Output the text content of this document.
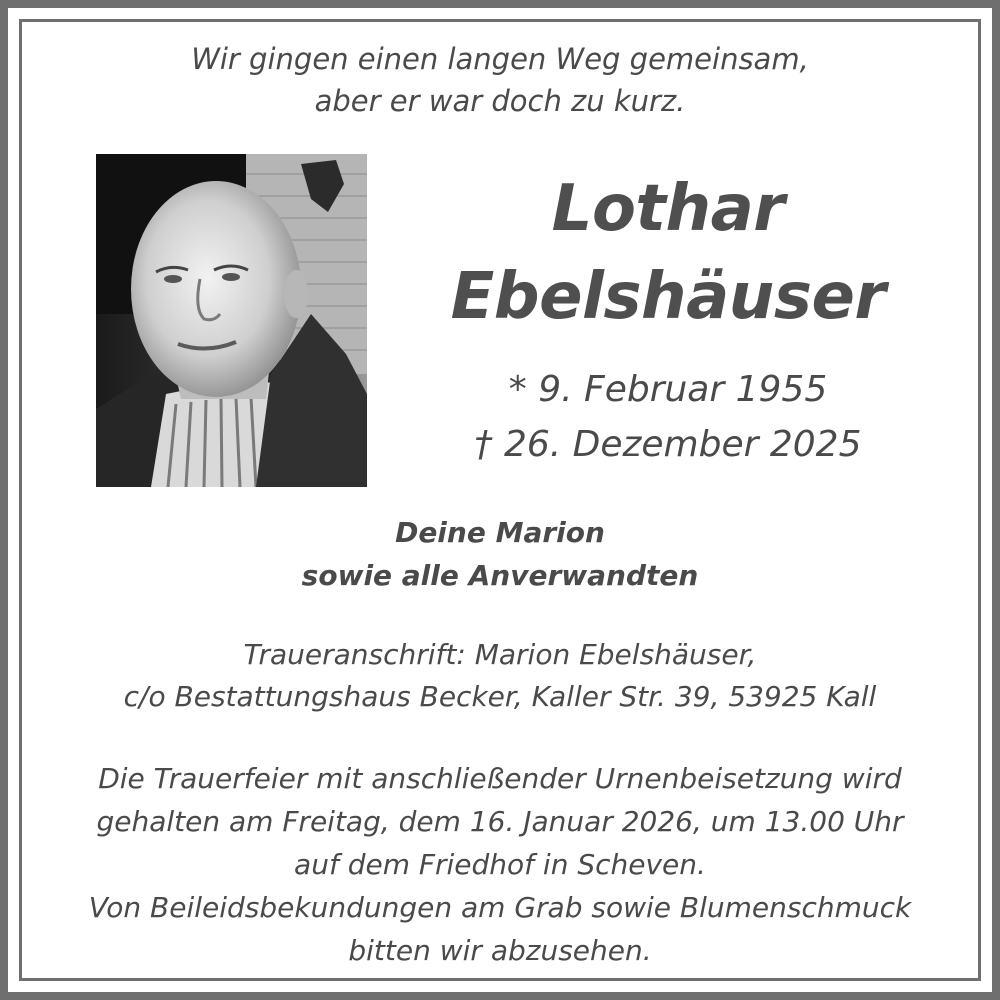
Wir gingen einen langen Weg gemeinsam,
aber er war doch zu kurz.
Lothar
Ebelshäuser
* 9. Februar 1955
† 26. Dezember 2025
Deine Marion
sowie alle Anverwandten
Traueranschrift: Marion Ebelshäuser,
c/o Bestattungshaus Becker, Kaller Str. 39, 53925 Kall
Die Trauerfeier mit anschließender Urnenbeisetzung wird
gehalten am Freitag, dem 16. Januar 2026, um 13.00 Uhr
auf dem Friedhof in Scheven.
Von Beileidsbekundungen am Grab sowie Blumenschmuck
bitten wir abzusehen.
